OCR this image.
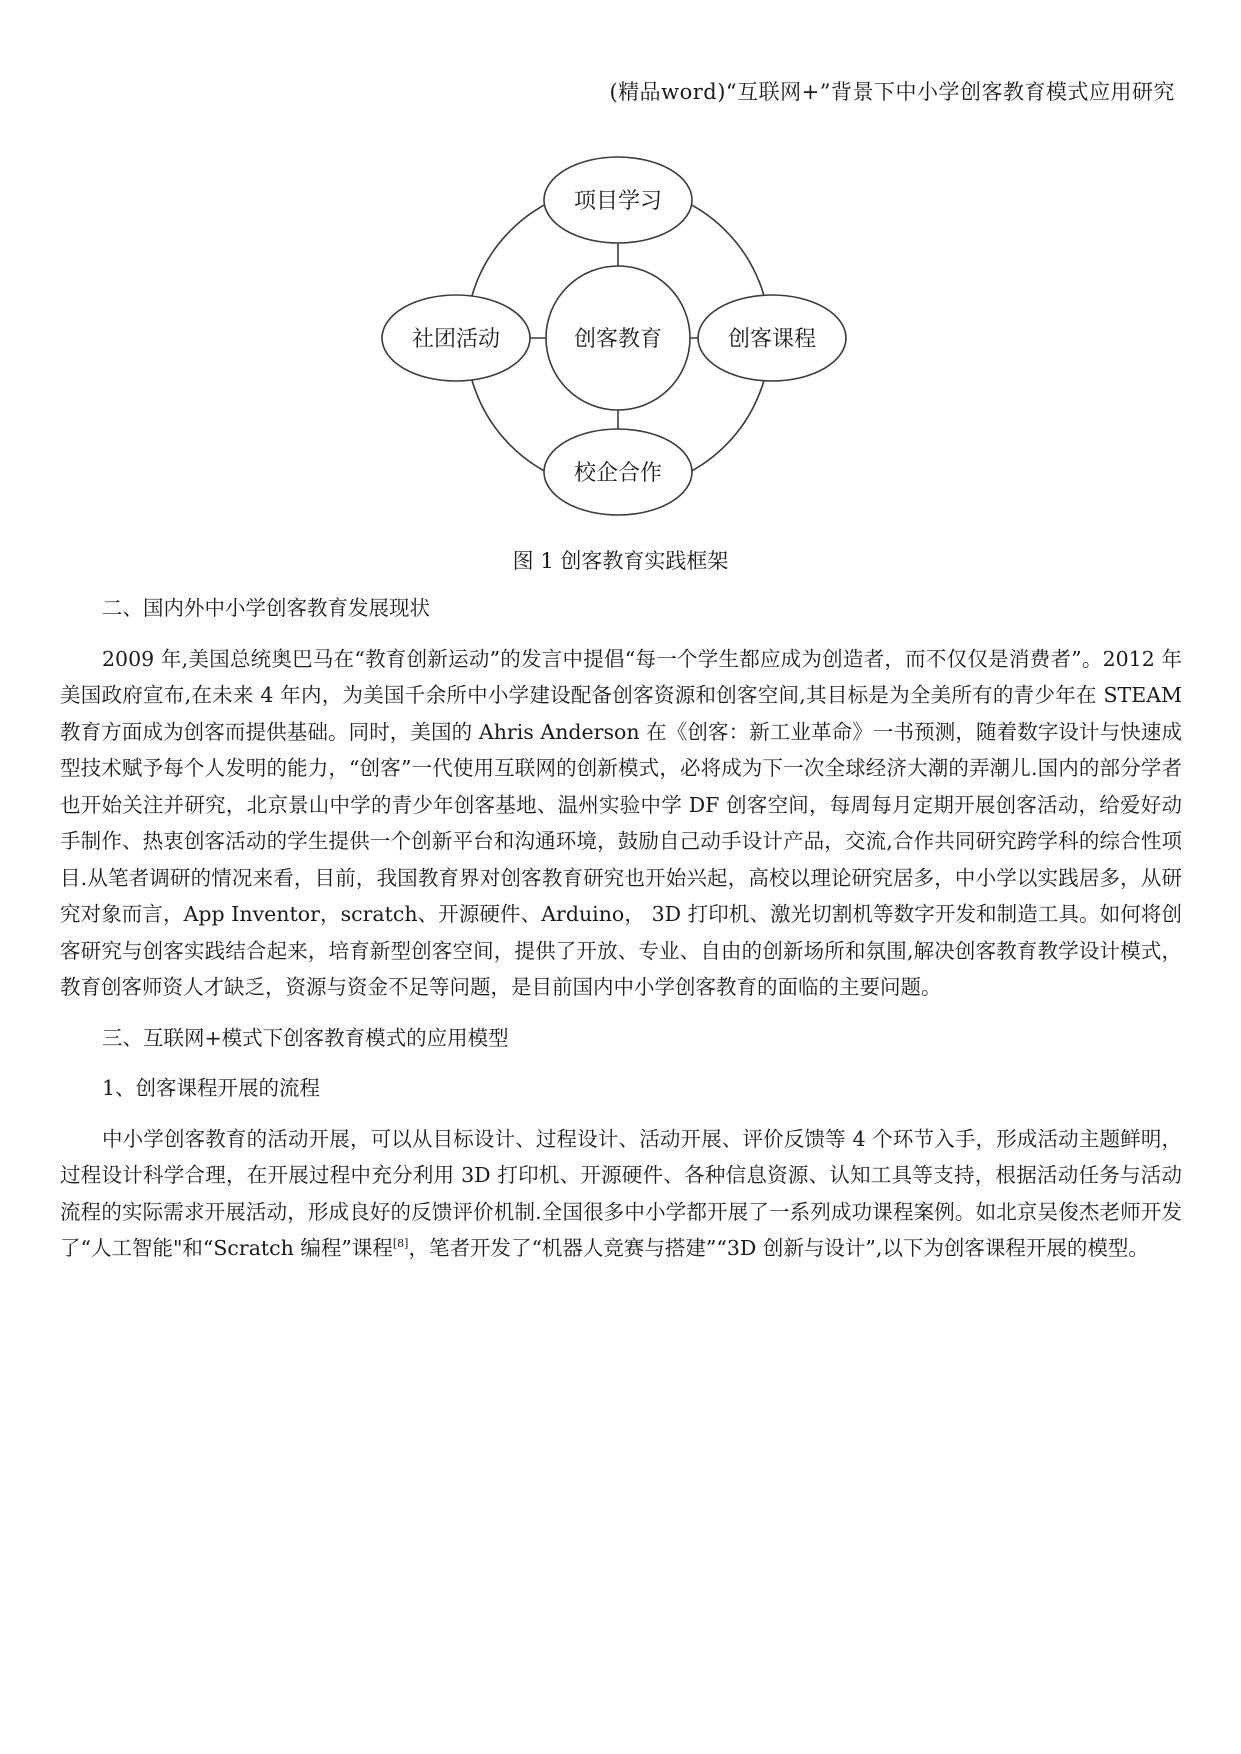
(精品word)“互联网+”背景下中小学创客教育模式应用研究
创客教育
项目学习
创客课程
校企合作
社团活动
图 1 创客教育实践框架

二、国内外中小学创客教育发展现状

2009 年,美国总统奥巴马在“教育创新运动”的发言中提倡“每一个学生都应成为创造者，而不仅仅是消费者”。2012 年美国政府宣布,在未来 4 年内，为美国千余所中小学建设配备创客资源和创客空间,其目标是为全美所有的青少年在 STEAM 教育方面成为创客而提供基础。同时，美国的 Ahris Anderson 在《创客：新工业革命》一书预测，随着数字设计与快速成型技术赋予每个人发明的能力，“创客”一代使用互联网的创新模式，必将成为下一次全球经济大潮的弄潮儿.国内的部分学者也开始关注并研究，北京景山中学的青少年创客基地、温州实验中学 DF 创客空间，每周每月定期开展创客活动，给爱好动手制作、热衷创客活动的学生提供一个创新平台和沟通环境，鼓励自己动手设计产品，交流,合作共同研究跨学科的综合性项目.从笔者调研的情况来看，目前，我国教育界对创客教育研究也开始兴起，高校以理论研究居多，中小学以实践居多，从研究对象而言，App Inventor，scratch、开源硬件、Arduino， 3D 打印机、激光切割机等数字开发和制造工具。如何将创客研究与创客实践结合起来，培育新型创客空间，提供了开放、专业、自由的创新场所和氛围,解决创客教育教学设计模式，教育创客师资人才缺乏，资源与资金不足等问题，是目前国内中小学创客教育的面临的主要问题。

三、互联网+模式下创客教育模式的应用模型

1、创客课程开展的流程

中小学创客教育的活动开展，可以从目标设计、过程设计、活动开展、评价反馈等 4 个环节入手，形成活动主题鲜明，过程设计科学合理，在开展过程中充分利用 3D 打印机、开源硬件、各种信息资源、认知工具等支持，根据活动任务与活动流程的实际需求开展活动，形成良好的反馈评价机制.全国很多中小学都开展了一系列成功课程案例。如北京吴俊杰老师开发了“人工智能"和“Scratch 编程”课程[8]，笔者开发了“机器人竞赛与搭建”“3D 创新与设计”,以下为创客课程开展的模型。
